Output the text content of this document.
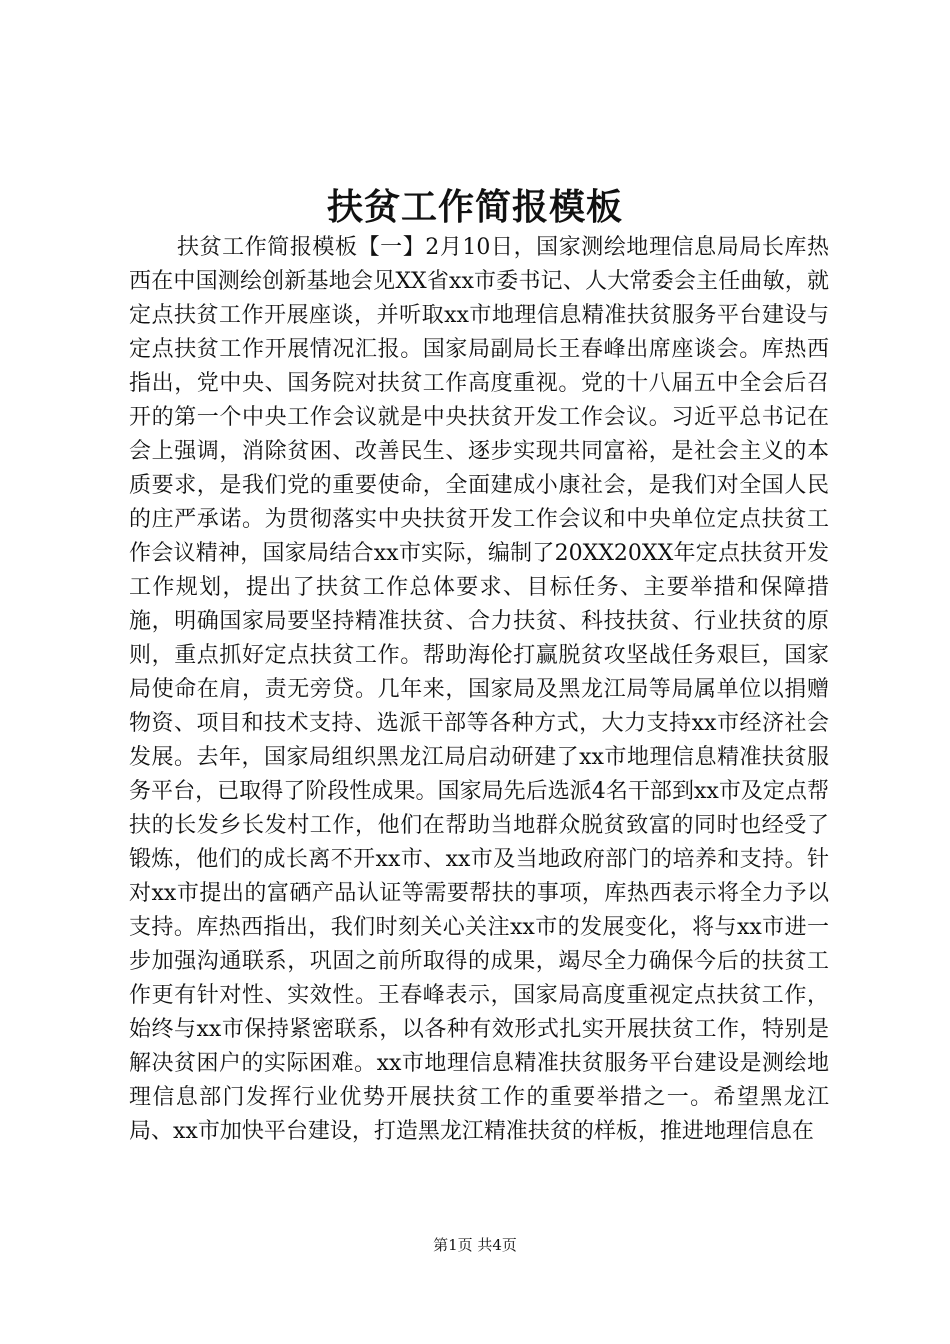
扶贫工作简报模板

扶贫工作简报模板【一】2月10日，国家测绘地理信息局局长库热西在中国测绘创新基地会见XX省xx市委书记、人大常委会主任曲敏，就定点扶贫工作开展座谈，并听取xx市地理信息精准扶贫服务平台建设与定点扶贫工作开展情况汇报。国家局副局长王春峰出席座谈会。库热西指出，党中央、国务院对扶贫工作高度重视。党的十八届五中全会后召开的第一个中央工作会议就是中央扶贫开发工作会议。习近平总书记在会上强调，消除贫困、改善民生、逐步实现共同富裕，是社会主义的本质要求，是我们党的重要使命，全面建成小康社会，是我们对全国人民的庄严承诺。为贯彻落实中央扶贫开发工作会议和中央单位定点扶贫工作会议精神，国家局结合xx市实际，编制了20XX20XX年定点扶贫开发工作规划，提出了扶贫工作总体要求、目标任务、主要举措和保障措施，明确国家局要坚持精准扶贫、合力扶贫、科技扶贫、行业扶贫的原则，重点抓好定点扶贫工作。帮助海伦打赢脱贫攻坚战任务艰巨，国家局使命在肩，责无旁贷。几年来，国家局及黑龙江局等局属单位以捐赠物资、项目和技术支持、选派干部等各种方式，大力支持xx市经济社会发展。去年，国家局组织黑龙江局启动研建了xx市地理信息精准扶贫服务平台，已取得了阶段性成果。国家局先后选派4名干部到xx市及定点帮扶的长发乡长发村工作，他们在帮助当地群众脱贫致富的同时也经受了锻炼，他们的成长离不开xx市、xx市及当地政府部门的培养和支持。针对xx市提出的富硒产品认证等需要帮扶的事项，库热西表示将全力予以支持。库热西指出，我们时刻关心关注xx市的发展变化，将与xx市进一步加强沟通联系，巩固之前所取得的成果，竭尽全力确保今后的扶贫工作更有针对性、实效性。王春峰表示，国家局高度重视定点扶贫工作，始终与xx市保持紧密联系，以各种有效形式扎实开展扶贫工作，特别是解决贫困户的实际困难。xx市地理信息精准扶贫服务平台建设是测绘地理信息部门发挥行业优势开展扶贫工作的重要举措之一。希望黑龙江局、xx市加快平台建设，打造黑龙江精准扶贫的样板，推进地理信息在

第1页 共4页
